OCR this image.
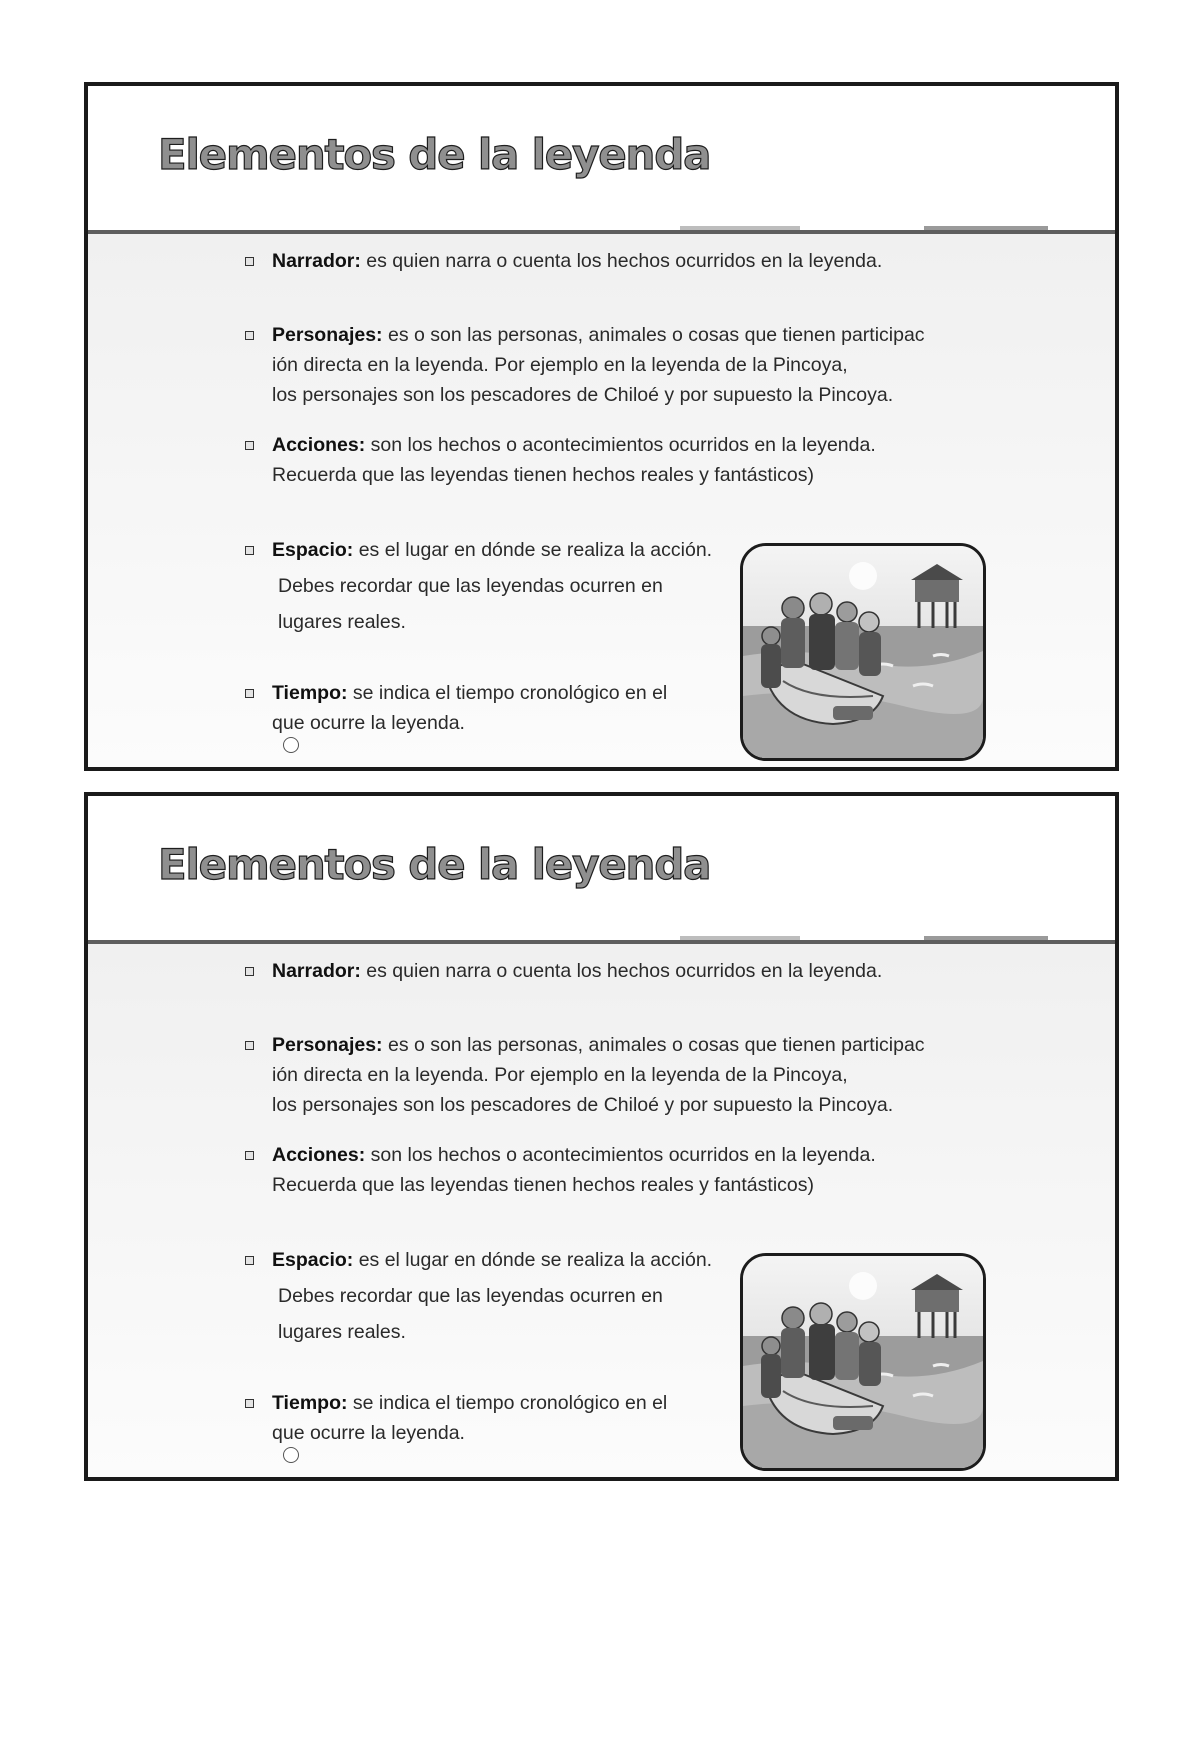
Elementos de la leyenda
Narrador: es quien narra o cuenta los hechos ocurridos en la leyenda.
Personajes: es o son las personas, animales o cosas que tienen participac
ión directa en la leyenda. Por ejemplo en la leyenda de la Pincoya,
los personajes son los pescadores de Chiloé y por supuesto la Pincoya.
Acciones: son los hechos o acontecimientos ocurridos en la leyenda.
Recuerda que las leyendas tienen hechos reales y fantásticos)
Espacio: es el lugar en dónde se realiza la acción.
Debes recordar que las leyendas ocurren en
lugares reales.
Tiempo: se indica el tiempo cronológico en el
que ocurre la leyenda.
Elementos de la leyenda
Narrador: es quien narra o cuenta los hechos ocurridos en la leyenda.
Personajes: es o son las personas, animales o cosas que tienen participac
ión directa en la leyenda. Por ejemplo en la leyenda de la Pincoya,
los personajes son los pescadores de Chiloé y por supuesto la Pincoya.
Acciones: son los hechos o acontecimientos ocurridos en la leyenda.
Recuerda que las leyendas tienen hechos reales y fantásticos)
Espacio: es el lugar en dónde se realiza la acción.
Debes recordar que las leyendas ocurren en
lugares reales.
Tiempo: se indica el tiempo cronológico en el
que ocurre la leyenda.
